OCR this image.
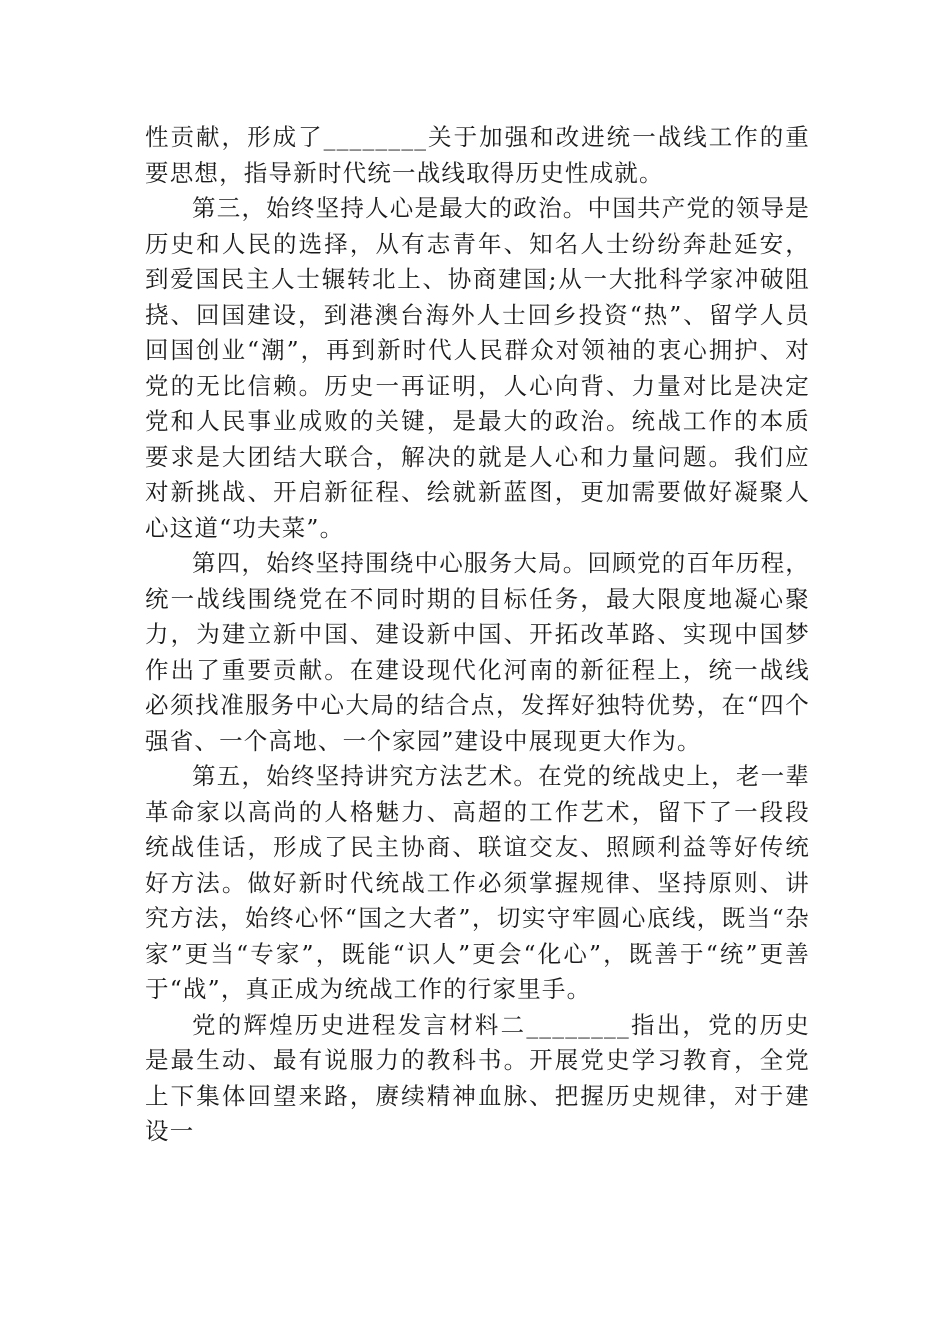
性贡献，形成了________关于加强和改进统一战线工作的重要思想，指导新时代统一战线取得历史性成就。

第三，始终坚持人心是最大的政治。中国共产党的领导是历史和人民的选择，从有志青年、知名人士纷纷奔赴延安，到爱国民主人士辗转北上、协商建国;从一大批科学家冲破阻挠、回国建设，到港澳台海外人士回乡投资“热”、留学人员回国创业“潮”，再到新时代人民群众对领袖的衷心拥护、对党的无比信赖。历史一再证明，人心向背、力量对比是决定党和人民事业成败的关键，是最大的政治。统战工作的本质要求是大团结大联合，解决的就是人心和力量问题。我们应对新挑战、开启新征程、绘就新蓝图，更加需要做好凝聚人心这道“功夫菜”。

第四，始终坚持围绕中心服务大局。回顾党的百年历程，统一战线围绕党在不同时期的目标任务，最大限度地凝心聚力，为建立新中国、建设新中国、开拓改革路、实现中国梦作出了重要贡献。在建设现代化河南的新征程上，统一战线必须找准服务中心大局的结合点，发挥好独特优势，在“四个强省、一个高地、一个家园”建设中展现更大作为。

第五，始终坚持讲究方法艺术。在党的统战史上，老一辈革命家以高尚的人格魅力、高超的工作艺术，留下了一段段统战佳话，形成了民主协商、联谊交友、照顾利益等好传统好方法。做好新时代统战工作必须掌握规律、坚持原则、讲究方法，始终心怀“国之大者”，切实守牢圆心底线，既当“杂家”更当“专家”，既能“识人”更会“化心”，既善于“统”更善于“战”，真正成为统战工作的行家里手。

党的辉煌历史进程发言材料二________指出，党的历史是最生动、最有说服力的教科书。开展党史学习教育，全党上下集体回望来路，赓续精神血脉、把握历史规律，对于建设一
